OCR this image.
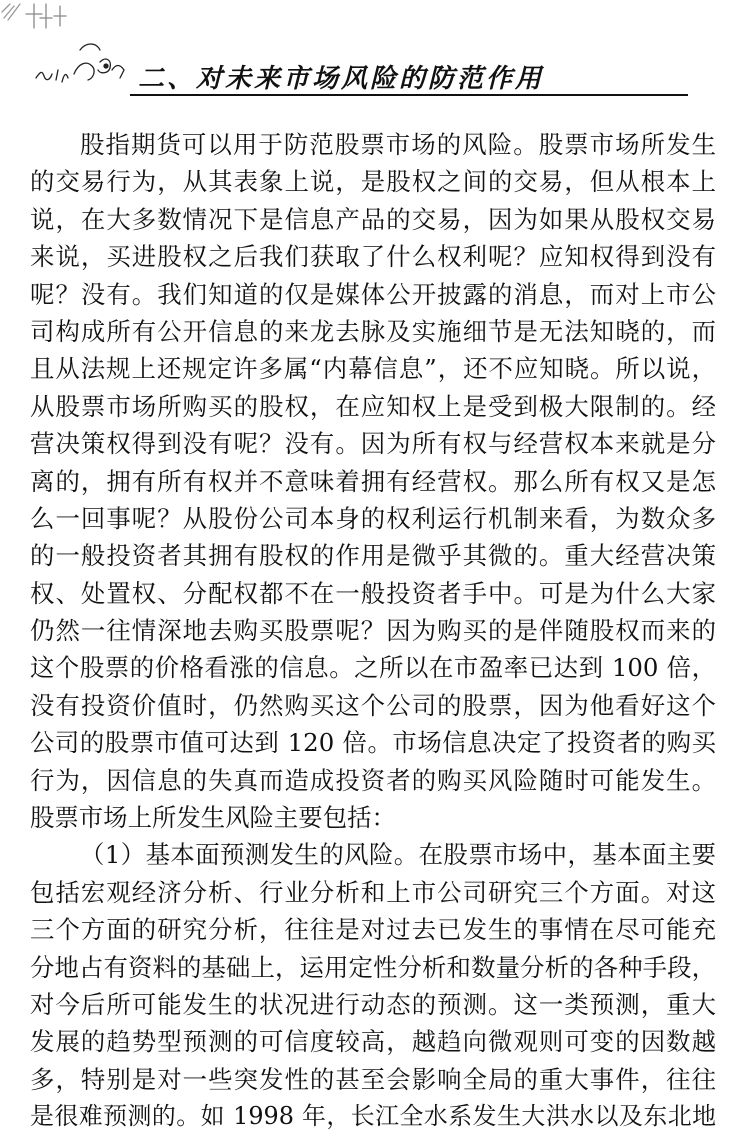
二、对未来市场风险的防范作用
股指期货可以用于防范股票市场的风险。股票市场所发生
的交易行为，从其表象上说，是股权之间的交易，但从根本上
说，在大多数情况下是信息产品的交易，因为如果从股权交易
来说，买进股权之后我们获取了什么权利呢？应知权得到没有
呢？没有。我们知道的仅是媒体公开披露的消息，而对上市公
司构成所有公开信息的来龙去脉及实施细节是无法知晓的，而
且从法规上还规定许多属“内幕信息”，还不应知晓。所以说，
从股票市场所购买的股权，在应知权上是受到极大限制的。经
营决策权得到没有呢？没有。因为所有权与经营权本来就是分
离的，拥有所有权并不意味着拥有经营权。那么所有权又是怎
么一回事呢？从股份公司本身的权利运行机制来看，为数众多
的一般投资者其拥有股权的作用是微乎其微的。重大经营决策
权、处置权、分配权都不在一般投资者手中。可是为什么大家
仍然一往情深地去购买股票呢？因为购买的是伴随股权而来的
这个股票的价格看涨的信息。之所以在市盈率已达到 100 倍，
没有投资价值时，仍然购买这个公司的股票，因为他看好这个
公司的股票市值可达到 120 倍。市场信息决定了投资者的购买
行为，因信息的失真而造成投资者的购买风险随时可能发生。
股票市场上所发生风险主要包括：
（1）基本面预测发生的风险。在股票市场中，基本面主要
包括宏观经济分析、行业分析和上市公司研究三个方面。对这
三个方面的研究分析，往往是对过去已发生的事情在尽可能充
分地占有资料的基础上，运用定性分析和数量分析的各种手段，
对今后所可能发生的状况进行动态的预测。这一类预测，重大
发展的趋势型预测的可信度较高，越趋向微观则可变的因数越
多，特别是对一些突发性的甚至会影响全局的重大事件，往往
是很难预测的。如 1998 年，长江全水系发生大洪水以及东北地
